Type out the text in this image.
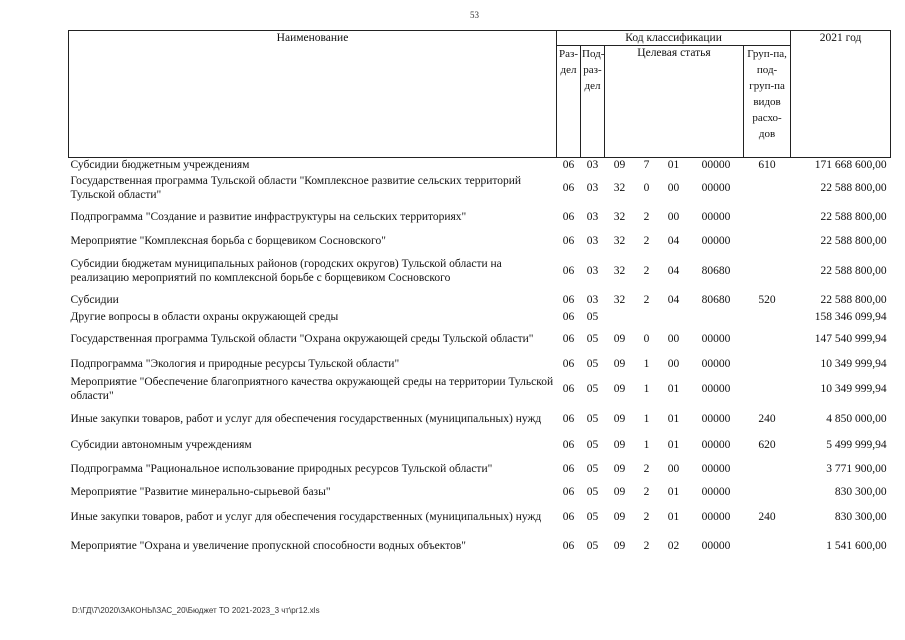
53
Наименование	Код классификации							2021 год
	Раз-дел	Под-раз-дел	Целевая статья				Груп-па, под-груп-па видов расхо-дов	
Субсидии бюджетным учреждениям	06	03	09	7	01	00000	610	171 668 600,00
Государственная программа Тульской области "Комплексное развитие сельских территорий Тульской области"	06	03	32	0	00	00000		22 588 800,00
Подпрограмма "Создание и развитие инфраструктуры на сельских территориях"	06	03	32	2	00	00000		22 588 800,00
Мероприятие "Комплексная борьба с борщевиком Сосновского"	06	03	32	2	04	00000		22 588 800,00
Субсидии бюджетам муниципальных районов (городских округов) Тульской области на реализацию мероприятий по комплексной борьбе с борщевиком Сосновского	06	03	32	2	04	80680		22 588 800,00
Субсидии	06	03	32	2	04	80680	520	22 588 800,00
Другие вопросы в области охраны окружающей среды	06	05						158 346 099,94
Государственная программа Тульской области "Охрана окружающей среды Тульской области"	06	05	09	0	00	00000		147 540 999,94
Подпрограмма "Экология и природные ресурсы Тульской области"	06	05	09	1	00	00000		10 349 999,94
Мероприятие "Обеспечение благоприятного качества окружающей среды на территории Тульской области"	06	05	09	1	01	00000		10 349 999,94
Иные закупки товаров, работ и услуг для обеспечения государственных (муниципальных) нужд	06	05	09	1	01	00000	240	4 850 000,00
Субсидии автономным учреждениям	06	05	09	1	01	00000	620	5 499 999,94
Подпрограмма "Рациональное использование природных ресурсов Тульской области"	06	05	09	2	00	00000		3 771 900,00
Мероприятие "Развитие минерально-сырьевой базы"	06	05	09	2	01	00000		830 300,00
Иные закупки товаров, работ и услуг для обеспечения государственных (муниципальных) нужд	06	05	09	2	01	00000	240	830 300,00
Мероприятие "Охрана и увеличение пропускной способности водных объектов"	06	05	09	2	02	00000		1 541 600,00
D:\ГД\7\2020\ЗАКОНЫ\ЗАС_20\Бюджет ТО 2021-2023_3 чт\рг12.xls
